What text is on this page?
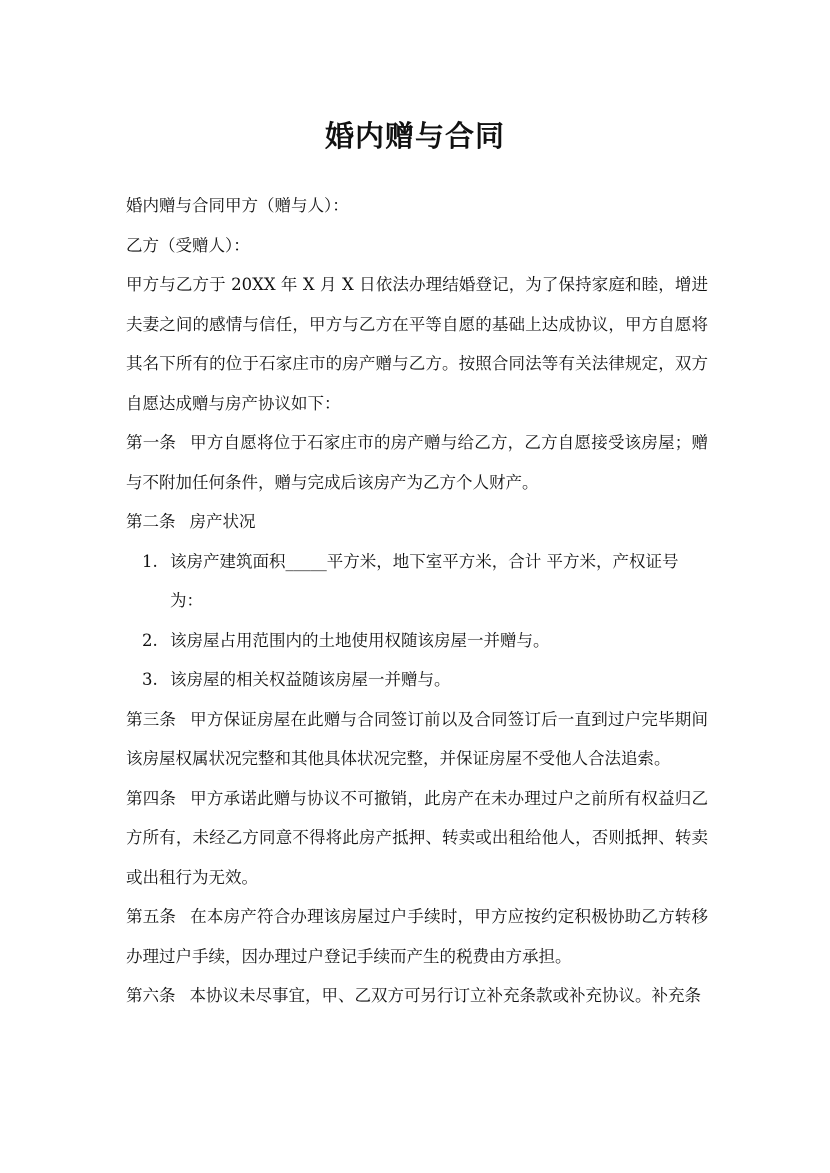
婚内赠与合同

婚内赠与合同甲方（赠与人）：

乙方（受赠人）：

甲方与乙方于 20XX 年 X 月 X 日依法办理结婚登记，为了保持家庭和睦，增进夫妻之间的感情与信任，甲方与乙方在平等自愿的基础上达成协议，甲方自愿将其名下所有的位于石家庄市的房产赠与乙方。按照合同法等有关法律规定，双方自愿达成赠与房产协议如下：

第一条 甲方自愿将位于石家庄市的房产赠与给乙方，乙方自愿接受该房屋；赠与不附加任何条件，赠与完成后该房产为乙方个人财产。

第二条 房产状况

1. 该房产建筑面积_____平方米，地下室平方米，合计 平方米，产权证号为：
2. 该房屋占用范围内的土地使用权随该房屋一并赠与。
3. 该房屋的相关权益随该房屋一并赠与。

第三条 甲方保证房屋在此赠与合同签订前以及合同签订后一直到过户完毕期间该房屋权属状况完整和其他具体状况完整，并保证房屋不受他人合法追索。

第四条 甲方承诺此赠与协议不可撤销，此房产在未办理过户之前所有权益归乙方所有，未经乙方同意不得将此房产抵押、转卖或出租给他人，否则抵押、转卖或出租行为无效。

第五条 在本房产符合办理该房屋过户手续时，甲方应按约定积极协助乙方转移办理过户手续，因办理过户登记手续而产生的税费由方承担。

第六条 本协议未尽事宜，甲、乙双方可另行订立补充条款或补充协议。补充条
